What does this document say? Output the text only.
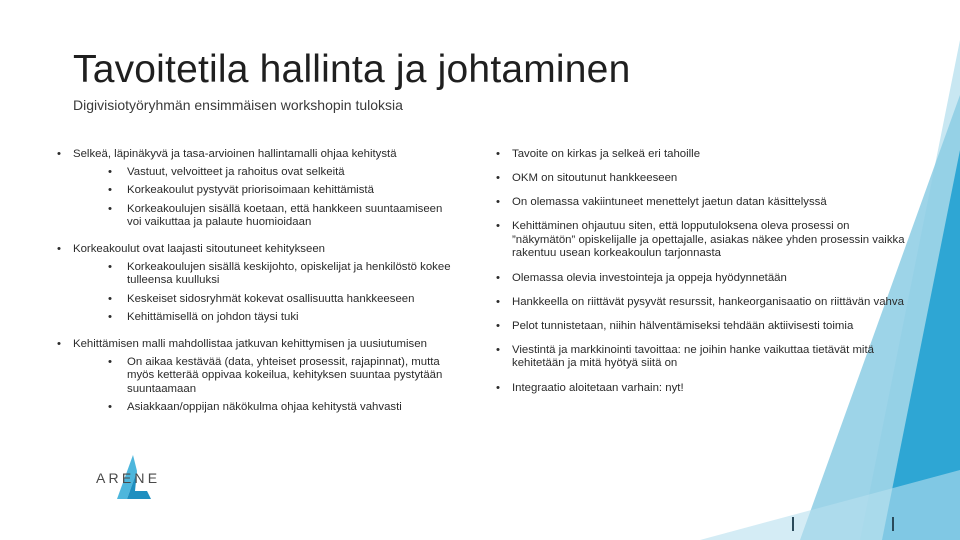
Tavoitetila hallinta ja johtaminen
Digivisiotyöryhmän ensimmäisen workshopin tuloksia
• Selkeä, läpinäkyvä ja tasa-arvioinen hallintamalli ohjaa kehitystä
• Vastuut, velvoitteet ja rahoitus ovat selkeitä
• Korkeakoulut pystyvät priorisoimaan kehittämistä
• Korkeakoulujen sisällä koetaan, että hankkeen suuntaamiseen voi vaikuttaa ja palaute huomioidaan
• Korkeakoulut ovat laajasti sitoutuneet kehitykseen
• Korkeakoulujen sisällä keskijohto, opiskelijat ja henkilöstö kokee tulleensa kuulluksi
• Keskeiset sidosryhmät kokevat osallisuutta hankkeeseen
• Kehittämisellä on johdon täysi tuki
• Kehittämisen malli mahdollistaa jatkuvan kehittymisen ja uusiutumisen
• On aikaa kestävää (data, yhteiset prosessit, rajapinnat), mutta myös ketterää oppivaa kokeilua, kehityksen suuntaa pystytään suuntaamaan
• Asiakkaan/oppijan näkökulma ohjaa kehitystä vahvasti
• Tavoite on kirkas ja selkeä eri tahoille
• OKM on sitoutunut hankkeeseen
• On olemassa vakiintuneet menettelyt jaetun datan käsittelyssä
• Kehittäminen ohjautuu siten, että lopputuloksena oleva prosessi on ”näkymätön” opiskelijalle ja opettajalle, asiakas näkee yhden prosessin vaikka rakentuu usean korkeakoulun tarjonnasta
• Olemassa olevia investointeja ja oppeja hyödynnetään
• Hankkeella on riittävät pysyvät resurssit, hankeorganisaatio on riittävän vahva
• Pelot tunnistetaan, niihin hälventämiseksi tehdään aktiivisesti toimia
• Viestintä ja markkinointi tavoittaa: ne joihin hanke vaikuttaa tietävät mitä kehitetään ja mitä hyötyä siitä on
• Integraatio aloitetaan varhain: nyt!
ARENE
